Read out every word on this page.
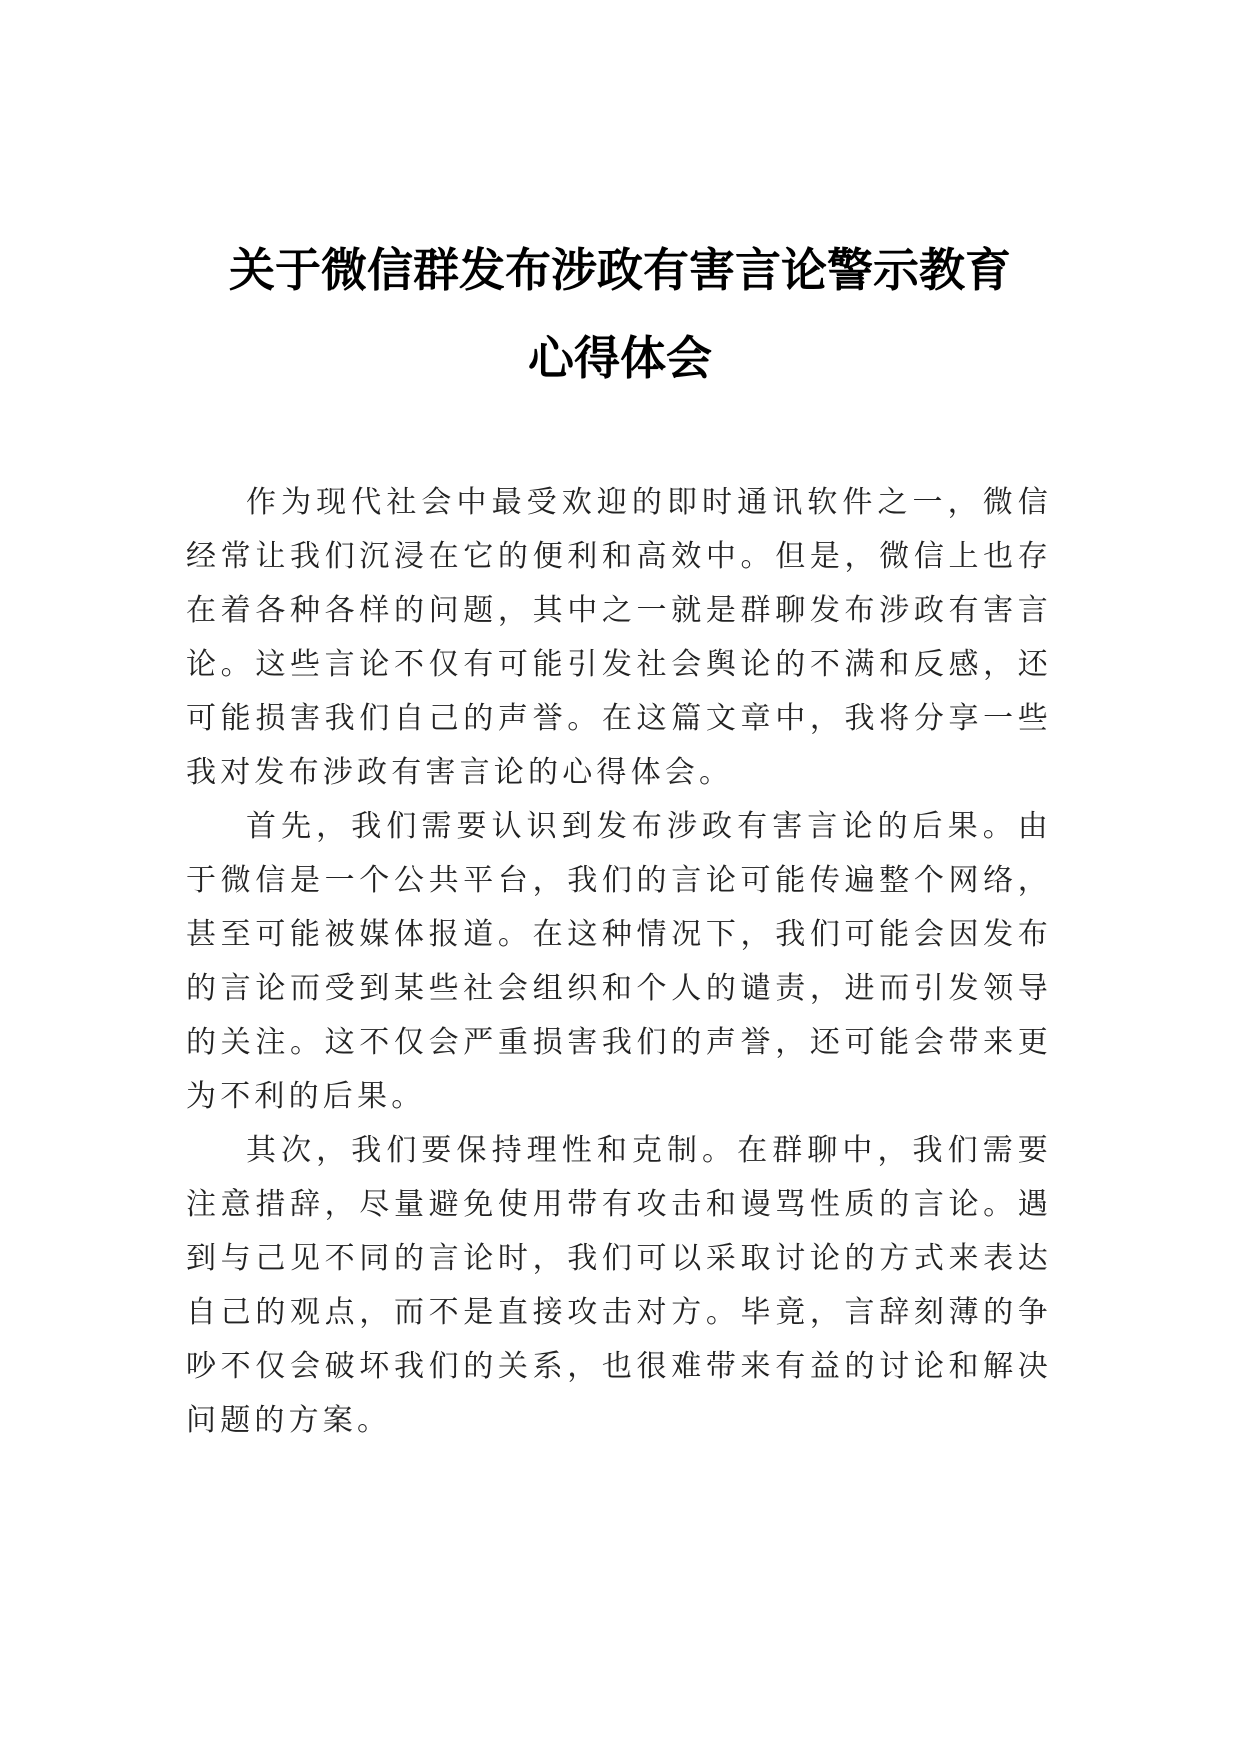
关于微信群发布涉政有害言论警示教育
心得体会

作为现代社会中最受欢迎的即时通讯软件之一，微信经常让我们沉浸在它的便利和高效中。但是，微信上也存在着各种各样的问题，其中之一就是群聊发布涉政有害言论。这些言论不仅有可能引发社会舆论的不满和反感，还可能损害我们自己的声誉。在这篇文章中，我将分享一些我对发布涉政有害言论的心得体会。

首先，我们需要认识到发布涉政有害言论的后果。由于微信是一个公共平台，我们的言论可能传遍整个网络，甚至可能被媒体报道。在这种情况下，我们可能会因发布的言论而受到某些社会组织和个人的谴责，进而引发领导的关注。这不仅会严重损害我们的声誉，还可能会带来更为不利的后果。

其次，我们要保持理性和克制。在群聊中，我们需要注意措辞，尽量避免使用带有攻击和谩骂性质的言论。遇到与己见不同的言论时，我们可以采取讨论的方式来表达自己的观点，而不是直接攻击对方。毕竟，言辞刻薄的争吵不仅会破坏我们的关系，也很难带来有益的讨论和解决问题的方案。
